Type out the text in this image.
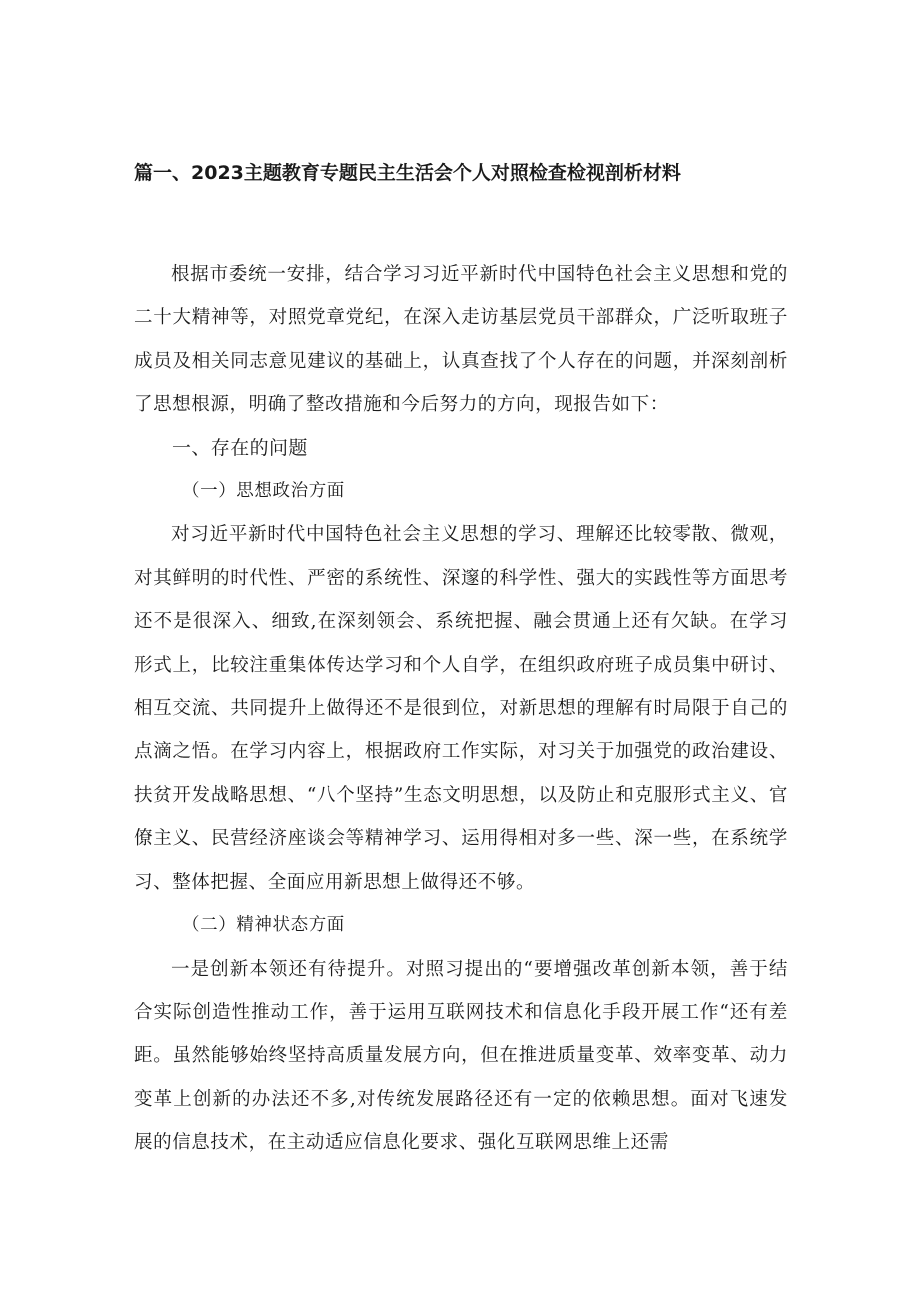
篇一、2023主题教育专题民主生活会个人对照检查检视剖析材料

根据市委统一安排，结合学习习近平新时代中国特色社会主义思想和党的二十大精神等，对照党章党纪，在深入走访基层党员干部群众，广泛听取班子成员及相关同志意见建议的基础上，认真查找了个人存在的问题，并深刻剖析了思想根源，明确了整改措施和今后努力的方向，现报告如下：

一、存在的问题

（一）思想政治方面

对习近平新时代中国特色社会主义思想的学习、理解还比较零散、微观，对其鲜明的时代性、严密的系统性、深邃的科学性、强大的实践性等方面思考还不是很深入、细致,在深刻领会、系统把握、融会贯通上还有欠缺。在学习形式上，比较注重集体传达学习和个人自学，在组织政府班子成员集中研讨、相互交流、共同提升上做得还不是很到位，对新思想的理解有时局限于自己的点滴之悟。在学习内容上，根据政府工作实际，对习关于加强党的政治建设、扶贫开发战略思想、“八个坚持”生态文明思想，以及防止和克服形式主义、官僚主义、民营经济座谈会等精神学习、运用得相对多一些、深一些，在系统学习、整体把握、全面应用新思想上做得还不够。

（二）精神状态方面

一是创新本领还有待提升。对照习提出的“要增强改革创新本领，善于结合实际创造性推动工作，善于运用互联网技术和信息化手段开展工作“还有差距。虽然能够始终坚持高质量发展方向，但在推进质量变革、效率变革、动力变革上创新的办法还不多,对传统发展路径还有一定的依赖思想。面对飞速发展的信息技术，在主动适应信息化要求、强化互联网思维上还需
